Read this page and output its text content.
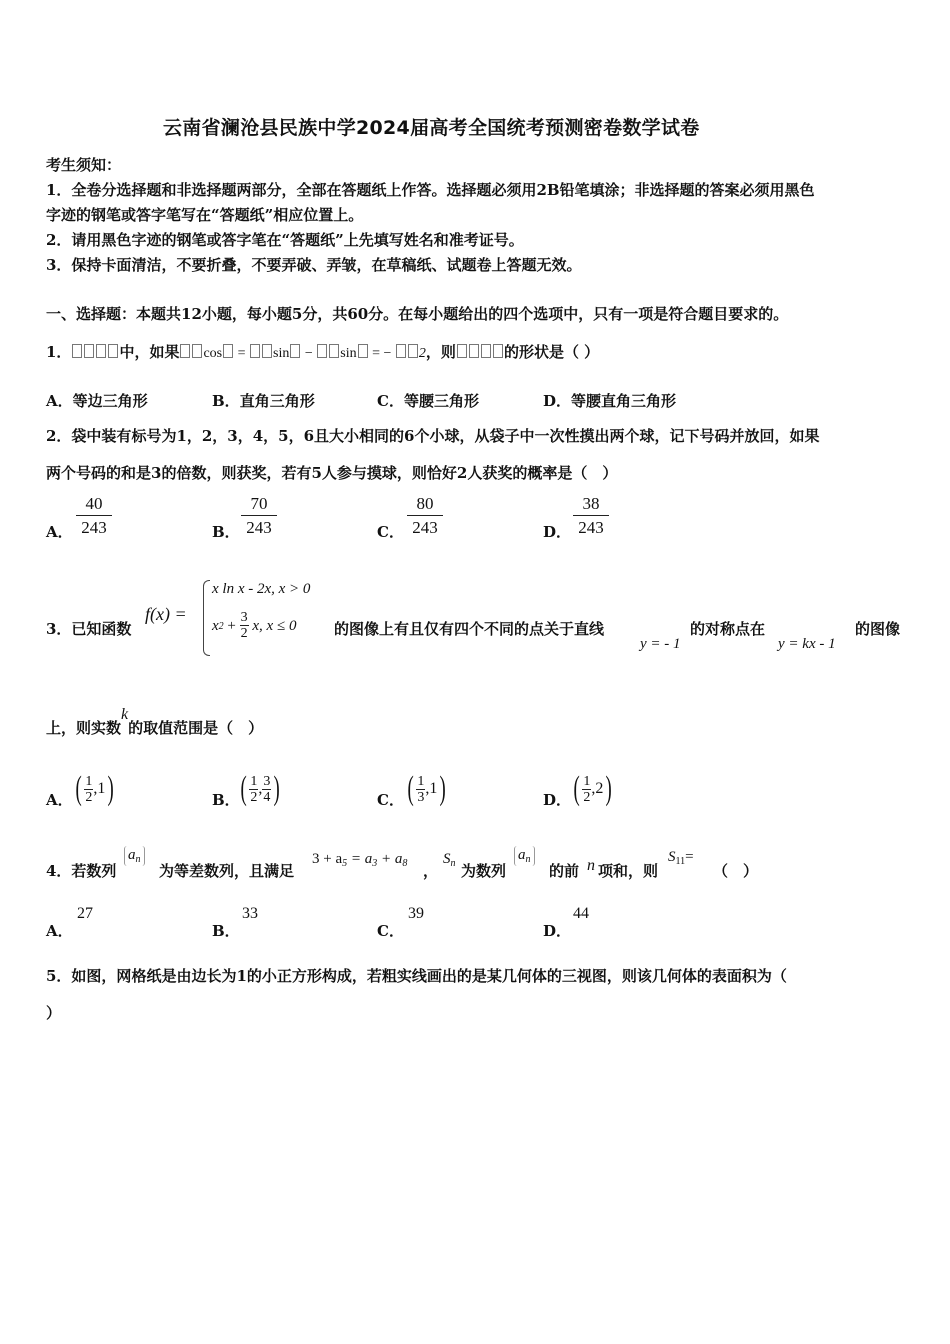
云南省澜沧县民族中学2024届高考全国统考预测密卷数学试卷
考生须知：
1．全卷分选择题和非选择题两部分，全部在答题纸上作答。选择题必须用2B铅笔填涂；非选择题的答案必须用黑色
字迹的钢笔或答字笔写在“答题纸”相应位置上。
2．请用黑色字迹的钢笔或答字笔在“答题纸”上先填写姓名和准考证号。
3．保持卡面清洁，不要折叠，不要弄破、弄皱，在草稿纸、试题卷上答题无效。
一、选择题：本题共12小题，每小题5分，共60分。在每小题给出的四个选项中，只有一项是符合题目要求的。
1．	中，如果 cos = sin − sin = − 2，则	的形状是（ ）
A．等边三角形	B．直角三角形	C．等腰三角形	D．等腰直角三角形
2．袋中装有标号为1，2，3，4，5，6且大小相同的6个小球，从袋子中一次性摸出两个球，记下号码并放回，如果
两个号码的和是3的倍数，则获奖，若有5人参与摸球，则恰好2人获奖的概率是（　）
A． $\frac{40}{243}$	B． $\frac{70}{243}$	C． $\frac{80}{243}$	D． $\frac{38}{243}$
3．已知函数
f(x) =
x ln x - 2x, x > 0
x 2
+
$\frac{3}{2}$
x, x ≤ 0	的图像上有且仅有四个不同的点关于直线
y = - 1
的对称点在
y = kx - 1
的图像
上，则实数k的取值范围是（　）
A． ( $\frac{1}{2} ,1$ )	B． ( $\frac{1}{2}$ , $\frac{3}{4}$ )	C． ( $\frac{1}{3} ,1$ )	D． ( $\frac{1}{2} ,2$ )
4．若数列
$a_n$
为等差数列，且满足
$3 + a_5 = a_3 + a_8$ ，
$S_n$ 为数列
$a_n$
的前 n 项和，则
$S_{11}=$
（　）
A．
27
B．
33
C．
39
D．
44
5．如图，网格纸是由边长为1的小正方形构成，若粗实线画出的是某几何体的三视图，则该几何体的表面积为（
）
